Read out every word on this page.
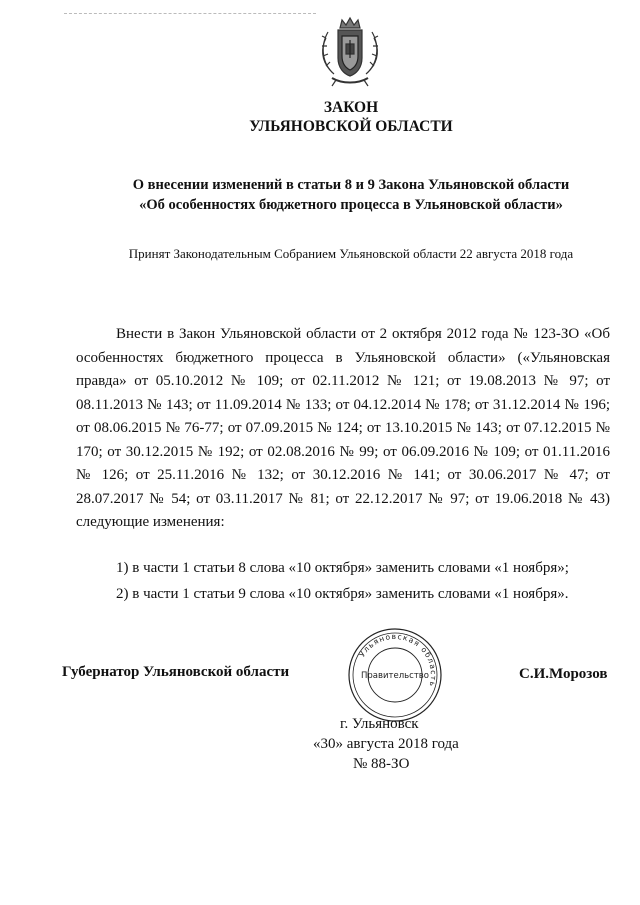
ЗАКОН
УЛЬЯНОВСКОЙ ОБЛАСТИ
О внесении изменений в статьи 8 и 9 Закона Ульяновской области
«Об особенностях бюджетного процесса в Ульяновской области»
Принят Законодательным Собранием Ульяновской области 22 августа 2018 года

Внести в Закон Ульяновской области от 2 октября 2012 года № 123-ЗО «Об особенностях бюджетного процесса в Ульяновской области» («Ульяновская правда» от 05.10.2012 № 109; от 02.11.2012 № 121; от 19.08.2013 № 97; от 08.11.2013 № 143; от 11.09.2014 № 133; от 04.12.2014 № 178; от 31.12.2014 № 196; от 08.06.2015 № 76-77; от 07.09.2015 № 124; от 13.10.2015 № 143; от 07.12.2015 № 170; от 30.12.2015 № 192; от 02.08.2016 № 99; от 06.09.2016 № 109; от 01.11.2016 № 126; от 25.11.2016 № 132; от 30.12.2016 № 141; от 30.06.2017 № 47; от 28.07.2017 № 54; от 03.11.2017 № 81; от 22.12.2017 № 97; от 19.06.2018 № 43) следующие изменения:

1) в части 1 статьи 8 слова «10 октября» заменить словами «1 ноября»;
2) в части 1 статьи 9 слова «10 октября» заменить словами «1 ноября».
Губернатор Ульяновской области
Ульяновская область
Правительство	С.И.Морозов
г. Ульяновск
«30» августа 2018 года
№ 88-ЗО
